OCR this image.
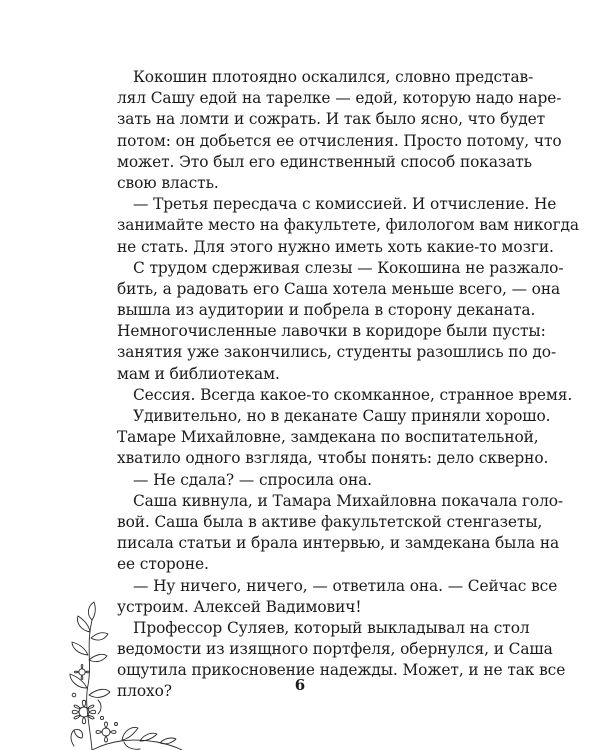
Кокошин плотоядно оскалился, словно представ-
лял Сашу едой на тарелке — едой, которую надо наре-
зать на ломти и сожрать. И так было ясно, что будет
потом: он добьется ее отчисления. Просто потому, что
может. Это был его единственный способ показать
свою власть.
— Третья пересдача с комиссией. И отчисление. Не
занимайте место на факультете, филологом вам никогда
не стать. Для этого нужно иметь хоть какие-то мозги.
С трудом сдерживая слезы — Кокошина не разжало-
бить, а радовать его Саша хотела меньше всего, — она
вышла из аудитории и побрела в сторону деканата.
Немногочисленные лавочки в коридоре были пусты:
занятия уже закончились, студенты разошлись по до-
мам и библиотекам.
Сессия. Всегда какое-то скомканное, странное время.
Удивительно, но в деканате Сашу приняли хорошо.
Тамаре Михайловне, замдекана по воспитательной,
хватило одного взгляда, чтобы понять: дело скверно.
— Не сдала? — спросила она.
Саша кивнула, и Тамара Михайловна покачала голо-
вой. Саша была в активе факультетской стенгазеты,
писала статьи и брала интервью, и замдекана была на
ее стороне.
— Ну ничего, ничего, — ответила она. — Сейчас все
устроим. Алексей Вадимович!
Профессор Суляев, который выкладывал на стол
ведомости из изящного портфеля, обернулся, и Саша
ощутила прикосновение надежды. Может, и не так все
плохо?	6
